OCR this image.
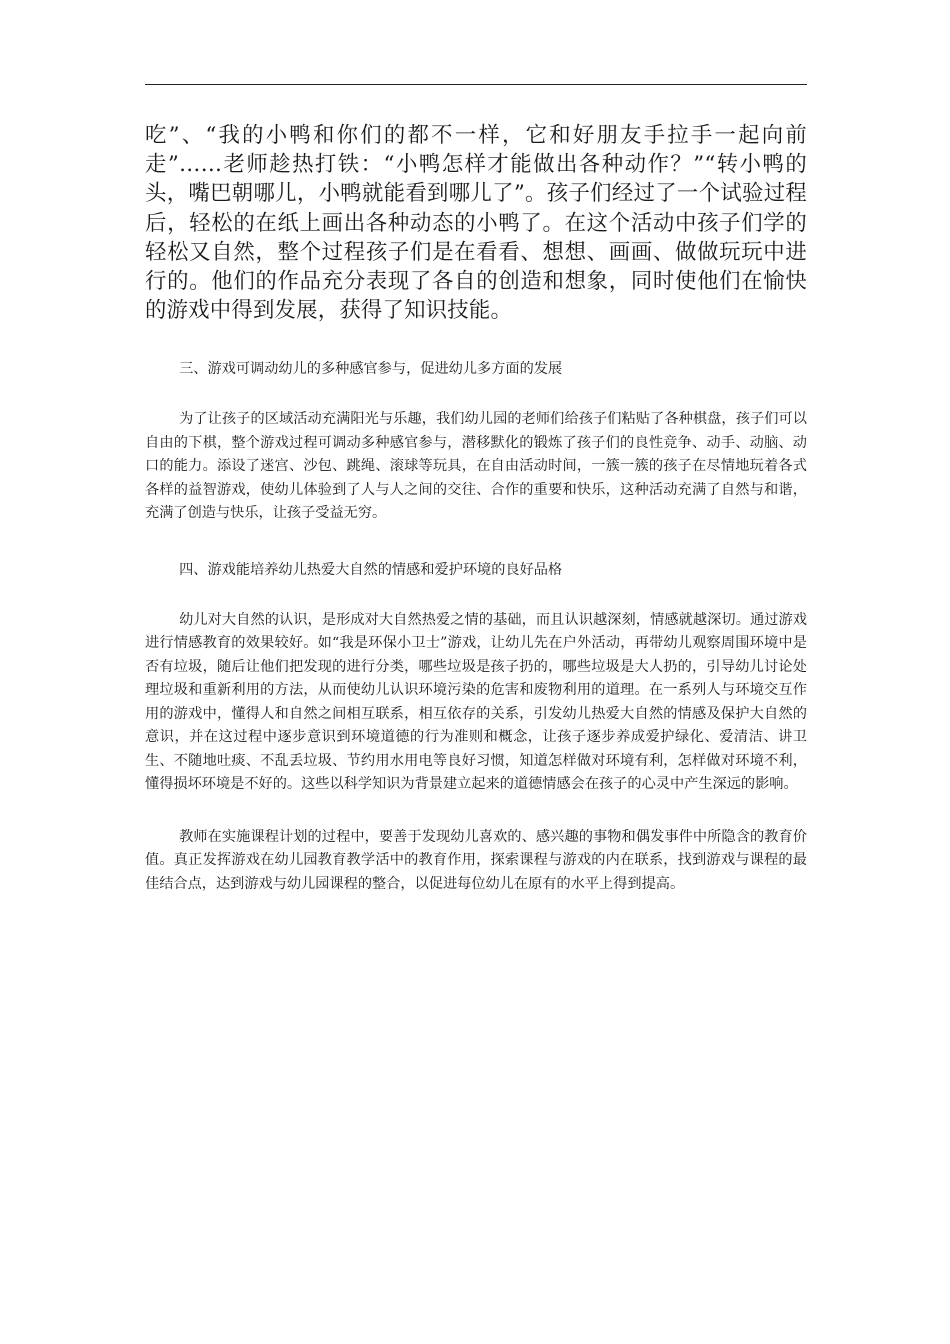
吃”、“我的小鸭和你们的都不一样，它和好朋友手拉手一起向前走”……老师趁热打铁：“小鸭怎样才能做出各种动作？”“转小鸭的头，嘴巴朝哪儿，小鸭就能看到哪儿了”。孩子们经过了一个试验过程后，轻松的在纸上画出各种动态的小鸭了。在这个活动中孩子们学的轻松又自然，整个过程孩子们是在看看、想想、画画、做做玩玩中进行的。他们的作品充分表现了各自的创造和想象，同时使他们在愉快的游戏中得到发展，获得了知识技能。

三、游戏可调动幼儿的多种感官参与，促进幼儿多方面的发展

为了让孩子的区域活动充满阳光与乐趣，我们幼儿园的老师们给孩子们粘贴了各种棋盘，孩子们可以自由的下棋，整个游戏过程可调动多种感官参与，潜移默化的锻炼了孩子们的良性竞争、动手、动脑、动口的能力。添设了迷宫、沙包、跳绳、滚球等玩具，在自由活动时间，一簇一簇的孩子在尽情地玩着各式各样的益智游戏，使幼儿体验到了人与人之间的交往、合作的重要和快乐，这种活动充满了自然与和谐，充满了创造与快乐，让孩子受益无穷。

四、游戏能培养幼儿热爱大自然的情感和爱护环境的良好品格

幼儿对大自然的认识，是形成对大自然热爱之情的基础，而且认识越深刻，情感就越深切。通过游戏进行情感教育的效果较好。如“我是环保小卫士”游戏，让幼儿先在户外活动，再带幼儿观察周围环境中是否有垃圾，随后让他们把发现的进行分类，哪些垃圾是孩子扔的，哪些垃圾是大人扔的，引导幼儿讨论处理垃圾和重新利用的方法，从而使幼儿认识环境污染的危害和废物利用的道理。在一系列人与环境交互作用的游戏中，懂得人和自然之间相互联系，相互依存的关系，引发幼儿热爱大自然的情感及保护大自然的意识，并在这过程中逐步意识到环境道德的行为准则和概念，让孩子逐步养成爱护绿化、爱清洁、讲卫生、不随地吐痰、不乱丢垃圾、节约用水用电等良好习惯，知道怎样做对环境有利，怎样做对环境不利，懂得损坏环境是不好的。这些以科学知识为背景建立起来的道德情感会在孩子的心灵中产生深远的影响。

教师在实施课程计划的过程中，要善于发现幼儿喜欢的、感兴趣的事物和偶发事件中所隐含的教育价值。真正发挥游戏在幼儿园教育教学活中的教育作用，探索课程与游戏的内在联系，找到游戏与课程的最佳结合点，达到游戏与幼儿园课程的整合，以促进每位幼儿在原有的水平上得到提高。
